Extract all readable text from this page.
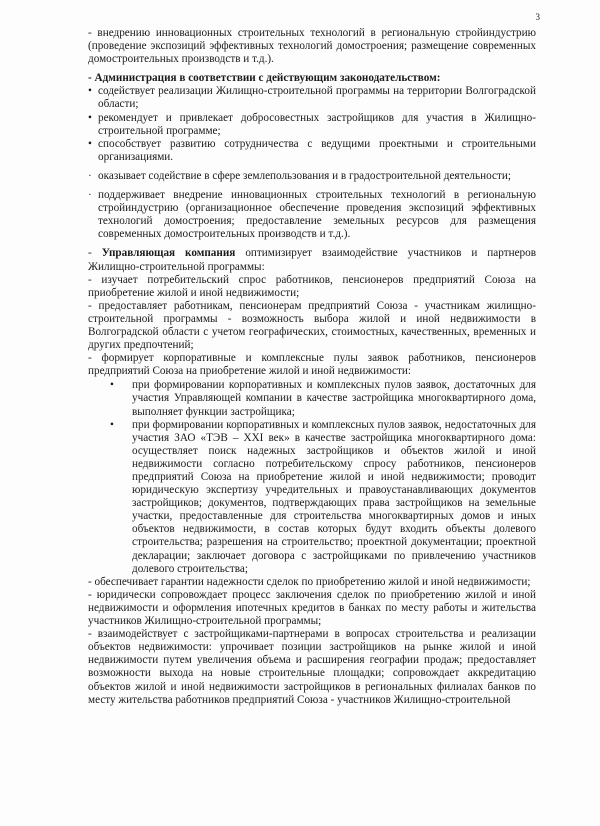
3

- внедрению инновационных строительных технологий в региональную стройиндустрию (проведение экспозиций эффективных технологий домостроения; размещение современных домостроительных производств и т.д.).

- Администрация в соответствии с действующим законодательством:

• содействует реализации Жилищно-строительной программы на территории Волгоградской области;
• рекомендует и привлекает добросовестных застройщиков для участия в Жилищно-строительной программе;
• способствует развитию сотрудничества с ведущими проектными и строительными организациями.
· оказывает содействие в сфере землепользования и в градостроительной деятельности;
· поддерживает внедрение инновационных строительных технологий в региональную стройиндустрию (организационное обеспечение проведения экспозиций эффективных технологий домостроения; предоставление земельных ресурсов для размещения современных домостроительных производств и т.д.).

- Управляющая компания оптимизирует взаимодействие участников и партнеров Жилищно-строительной программы:

- изучает потребительский спрос работников, пенсионеров предприятий Союза на приобретение жилой и иной недвижимости;

- предоставляет работникам, пенсионерам предприятий Союза - участникам жилищно-строительной программы - возможность выбора жилой и иной недвижимости в Волгоградской области с учетом географических, стоимостных, качественных, временных и других предпочтений;

- формирует корпоративные и комплексные пулы заявок работников, пенсионеров предприятий Союза на приобретение жилой и иной недвижимости:

•	при формировании корпоративных и комплексных пулов заявок, достаточных для участия Управляющей компании в качестве застройщика многоквартирного дома, выполняет функции застройщика;
•	при формировании корпоративных и комплексных пулов заявок, недостаточных для участия ЗАО «ТЭВ – XXI век» в качестве застройщика многоквартирного дома: осуществляет поиск надежных застройщиков и объектов жилой и иной недвижимости согласно потребительскому спросу работников, пенсионеров предприятий Союза на приобретение жилой и иной недвижимости; проводит юридическую экспертизу учредительных и правоустанавливающих документов застройщиков; документов, подтверждающих права застройщиков на земельные участки, предоставленные для строительства многоквартирных домов и иных объектов недвижимости, в состав которых будут входить объекты долевого строительства; разрешения на строительство; проектной документации; проектной декларации; заключает договора с застройщиками по привлечению участников долевого строительства;

- обеспечивает гарантии надежности сделок по приобретению жилой и иной недвижимости;

- юридически сопровождает процесс заключения сделок по приобретению жилой и иной недвижимости и оформления ипотечных кредитов в банках по месту работы и жительства участников Жилищно-строительной программы;

- взаимодействует с застройщиками-партнерами в вопросах строительства и реализации объектов недвижимости: упрочивает позиции застройщиков на рынке жилой и иной недвижимости путем увеличения объема и расширения географии продаж; предоставляет возможности выхода на новые строительные площадки; сопровождает аккредитацию объектов жилой и иной недвижимости застройщиков в региональных филиалах банков по месту жительства работников предприятий Союза - участников Жилищно-строительной
